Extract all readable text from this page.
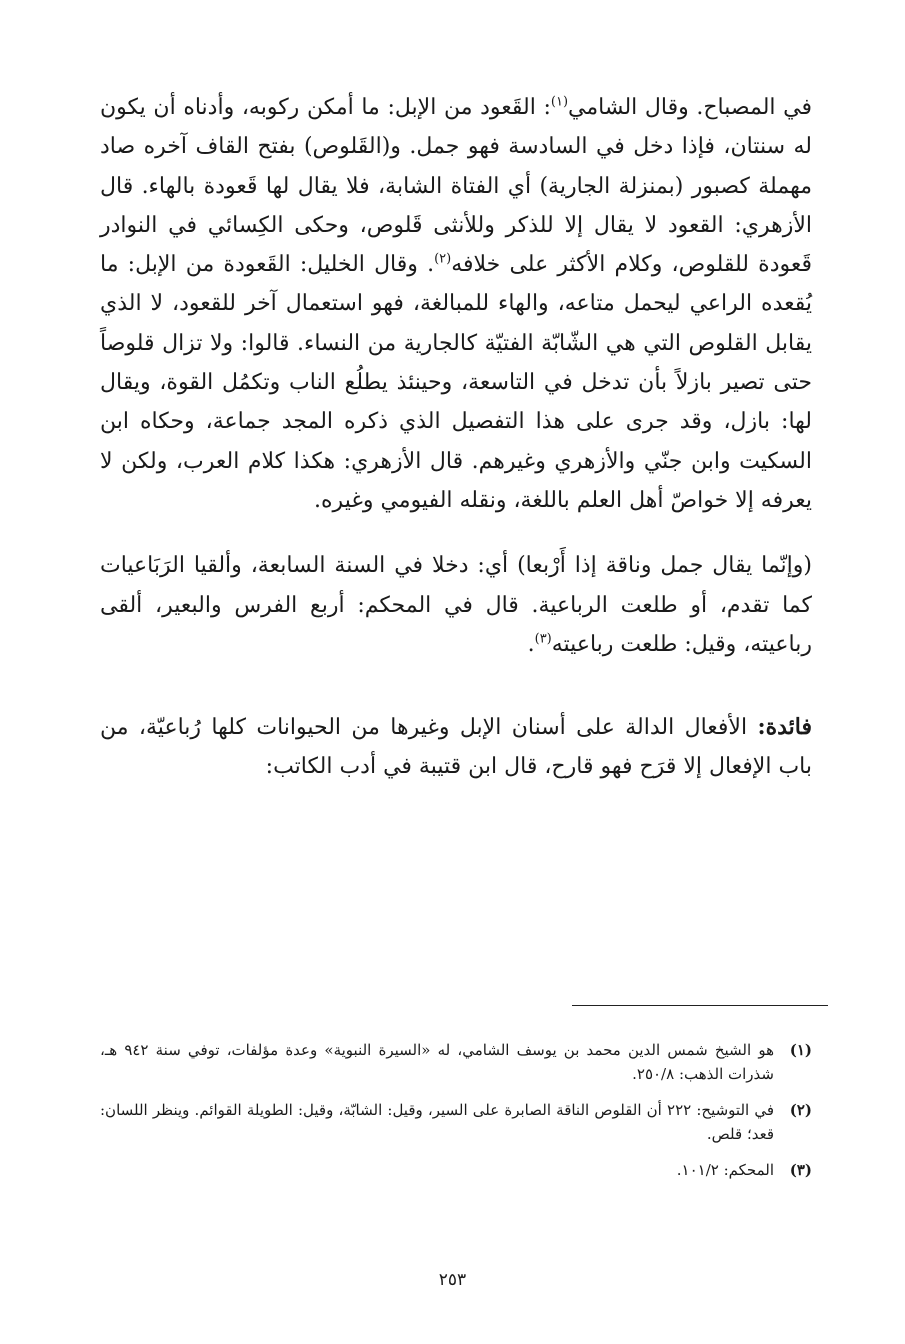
في المصباح. وقال الشامي$^{(١)}$: القَعود من الإبل: ما أمكن ركوبه، وأدناه أن يكون له سنتان، فإذا دخل في السادسة فهو جمل. و(القَلوص) بفتح القاف آخره صاد مهملة كصبور (بمنزلة الجارية) أي الفتاة الشابة، فلا يقال لها قَعودة بالهاء. قال الأزهري: القعود لا يقال إلا للذكر وللأنثى قَلوص، وحكى الكِسائي في النوادر قَعودة للقلوص، وكلام الأكثر على خلافه$^{(٢)}$. وقال الخليل: القَعودة من الإبل: ما يُقعده الراعي ليحمل متاعه، والهاء للمبالغة، فهو استعمال آخر للقعود، لا الذي يقابل القلوص التي هي الشّابّة الفتيّة كالجارية من النساء. قالوا: ولا تزال قلوصاً حتى تصير بازلاً بأن تدخل في التاسعة، وحينئذ يطلُع الناب وتكمُل القوة، ويقال لها: بازل، وقد جرى على هذا التفصيل الذي ذكره المجد جماعة، وحكاه ابن السكيت وابن جنّي والأزهري وغيرهم. قال الأزهري: هكذا كلام العرب، ولكن لا يعرفه إلا خواصّ أهل العلم باللغة، ونقله الفيومي وغيره.

(وإنّما يقال جمل وناقة إذا أَرْبعا) أي: دخلا في السنة السابعة، وألقيا الرَبَاعيات كما تقدم، أو طلعت الرباعية. قال في المحكم: أربع الفرس والبعير، ألقى رباعيته، وقيل: طلعت رباعيته$^{(٣)}$.

فائدة: الأفعال الدالة على أسنان الإبل وغيرها من الحيوانات كلها رُباعيّة، من باب الإفعال إلا قرَح فهو قارح، قال ابن قتيبة في أدب الكاتب:

(١)
هو الشيخ شمس الدين محمد بن يوسف الشامي، له «السيرة النبوية» وعدة مؤلفات، توفي سنة ٩٤٢ هـ، شذرات الذهب: ٢٥٠/٨.
(٢)
في التوشيح: ٢٢٢ أن القلوص الناقة الصابرة على السير، وقيل: الشابّة، وقيل: الطويلة القوائم. وينظر اللسان: قعد؛ قلص.
(٣)
المحكم: ١٠١/٢.
٢٥٣
